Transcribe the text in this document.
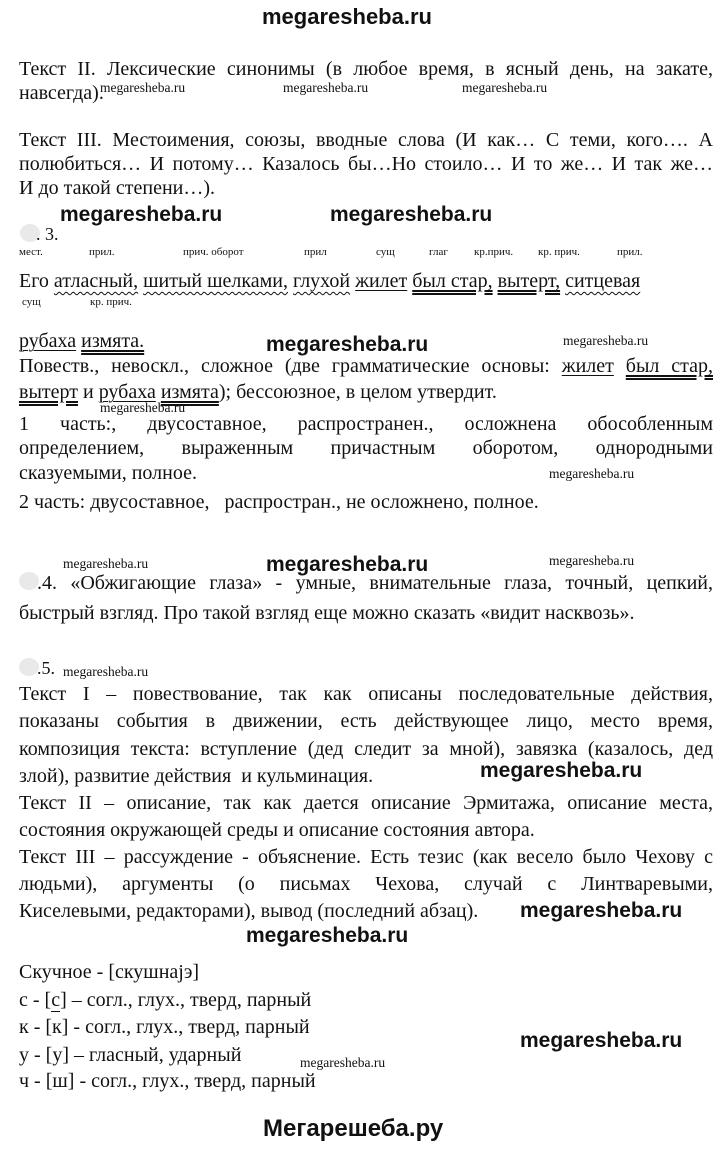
megaresheba.ru
Текст II. Лексические синонимы (в любое время, в ясный день, на закате,
навсегда).
megaresheba.ru	megaresheba.ru	megaresheba.ru
Текст III. Местоимения, союзы, вводные слова (И как… С теми, кого…. А
полюбиться… И потому… Казалось бы…Но стоило… И то же… И так же…
И до такой степени…).
megaresheba.ru	megaresheba.ru
. 3.
мест.	прил.	прич. оборот	прил	сущ	глаг кр.прич. кр. прич.	прил.
Его атласный, шитый шелками, глухой жилет был стар, вытерт, ситцевая
сущ	кр. прич.
рубаха измята.	megaresheba.ru	megaresheba.ru
Повеств., невоскл., сложное (две грамматические основы: жилет был стар,
вытерт и рубаха измята); бессоюзное, в целом утвердит.
megaresheba.ru
1 часть:, двусоставное, распространен., осложнена обособленным
определением, выраженным причастным оборотом, однородными
сказуемыми, полное.	megaresheba.ru
2 часть: двусоставное,   распростран., не осложнено, полное.
megaresheba.ru	megaresheba.ru	megaresheba.ru
.4. «Обжигающие глаза» - умные, внимательные глаза, точный, цепкий,
быстрый взгляд. Про такой взгляд еще можно сказать «видит насквозь».
.5. megaresheba.ru
Текст I – повествование, так как описаны последовательные действия,
показаны события в движении, есть действующее лицо, место время,
композиция текста: вступление (дед следит за мной), завязка (казалось, дед
злой), развитие действия  и кульминация.	megaresheba.ru
Текст II – описание, так как дается описание Эрмитажа, описание места,
состояния окружающей среды и описание состояния автора.
Текст III – рассуждение - объяснение. Есть тезис (как весело было Чехову с
людьми), аргументы (о письмах Чехова, случай с Линтваревыми,
Киселевыми, редакторами), вывод (последний абзац). megaresheba.ru
megaresheba.ru
Скучное - [скушнаjэ]
с - [с] – согл., глух., тверд, парный
к - [к] - согл., глух., тверд, парный
у - [у] – гласный, ударный
ч - [ш] - согл., глух., тверд, парный
megaresheba.ru
megaresheba.ru
Мегарешеба.ру
